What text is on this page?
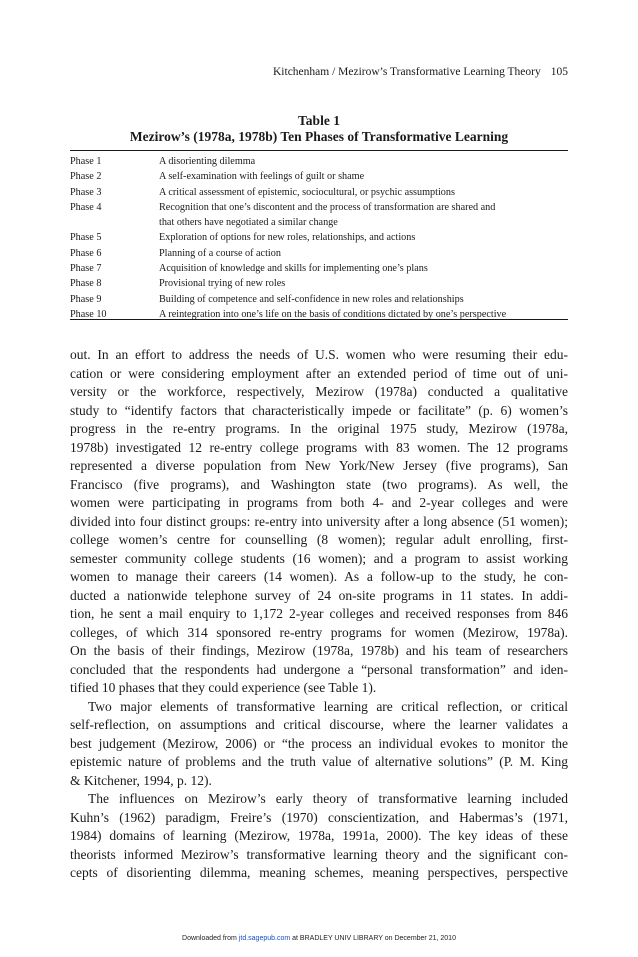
Kitchenham / Mezirow’s Transformative Learning Theory 105
Table 1
Mezirow’s (1978a, 1978b) Ten Phases of Transformative Learning
Phase 1	A disorienting dilemma
Phase 2	A self-examination with feelings of guilt or shame
Phase 3	A critical assessment of epistemic, sociocultural, or psychic assumptions
Phase 4	Recognition that one’s discontent and the process of transformation are shared and
that others have negotiated a similar change
Phase 5	Exploration of options for new roles, relationships, and actions
Phase 6	Planning of a course of action
Phase 7	Acquisition of knowledge and skills for implementing one’s plans
Phase 8	Provisional trying of new roles
Phase 9	Building of competence and self-confidence in new roles and relationships
Phase 10	A reintegration into one’s life on the basis of conditions dictated by one’s perspective
out. In an effort to address the needs of U.S. women who were resuming their edu-
cation or were considering employment after an extended period of time out of uni-
versity or the workforce, respectively, Mezirow (1978a) conducted a qualitative
study to “identify factors that characteristically impede or facilitate” (p. 6) women’s
progress in the re-entry programs. In the original 1975 study, Mezirow (1978a,
1978b) investigated 12 re-entry college programs with 83 women. The 12 programs
represented a diverse population from New York/New Jersey (five programs), San
Francisco (five programs), and Washington state (two programs). As well, the
women were participating in programs from both 4- and 2-year colleges and were
divided into four distinct groups: re-entry into university after a long absence (51 women);
college women’s centre for counselling (8 women); regular adult enrolling, first-
semester community college students (16 women); and a program to assist working
women to manage their careers (14 women). As a follow-up to the study, he con-
ducted a nationwide telephone survey of 24 on-site programs in 11 states. In addi-
tion, he sent a mail enquiry to 1,172 2-year colleges and received responses from 846
colleges, of which 314 sponsored re-entry programs for women (Mezirow, 1978a).
On the basis of their findings, Mezirow (1978a, 1978b) and his team of researchers
concluded that the respondents had undergone a “personal transformation” and iden-
tified 10 phases that they could experience (see Table 1).
Two major elements of transformative learning are critical reflection, or critical
self-reflection, on assumptions and critical discourse, where the learner validates a
best judgement (Mezirow, 2006) or “the process an individual evokes to monitor the
epistemic nature of problems and the truth value of alternative solutions” (P. M. King
& Kitchener, 1994, p. 12).
The influences on Mezirow’s early theory of transformative learning included
Kuhn’s (1962) paradigm, Freire’s (1970) conscientization, and Habermas’s (1971,
1984) domains of learning (Mezirow, 1978a, 1991a, 2000). The key ideas of these
theorists informed Mezirow’s transformative learning theory and the significant con-
cepts of disorienting dilemma, meaning schemes, meaning perspectives, perspective
Downloaded from jtd.sagepub.com at BRADLEY UNIV LIBRARY on December 21, 2010
